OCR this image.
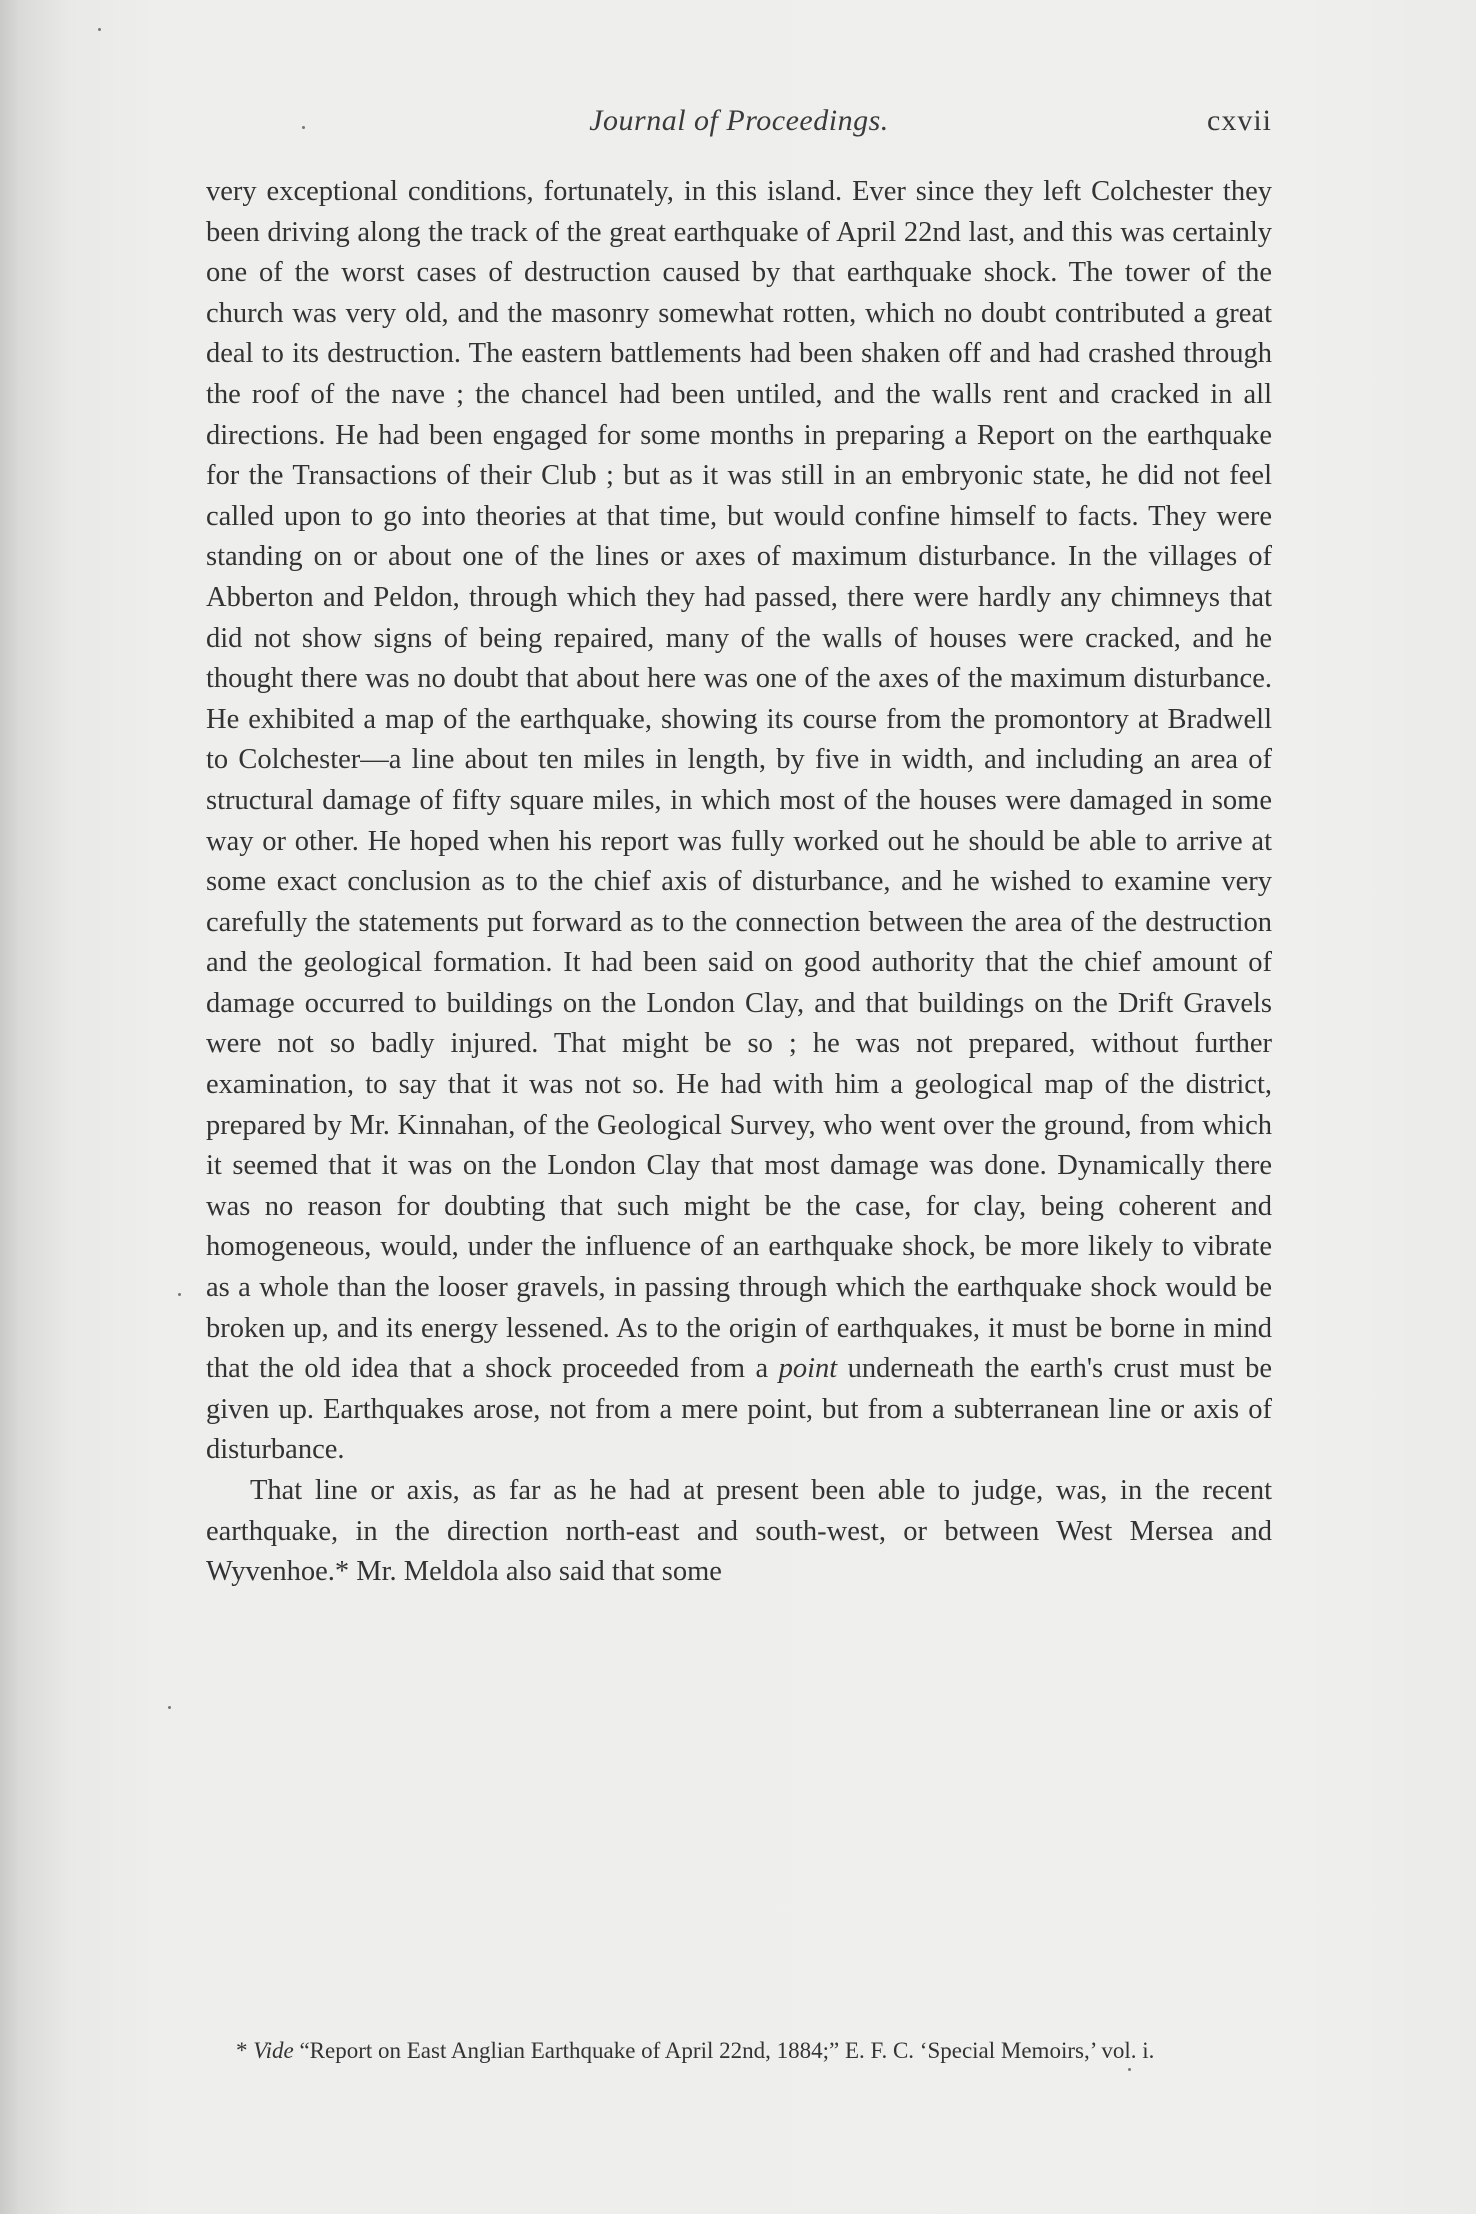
Journal of Proceedings.	cxvii

very exceptional conditions, fortunately, in this island. Ever since they left Colchester they been driving along the track of the great earthquake of April 22nd last, and this was certainly one of the worst cases of destruction caused by that earthquake shock. The tower of the church was very old, and the masonry somewhat rotten, which no doubt contributed a great deal to its destruction. The eastern battlements had been shaken off and had crashed through the roof of the nave ; the chancel had been untiled, and the walls rent and cracked in all directions. He had been engaged for some months in preparing a Report on the earthquake for the Transactions of their Club ; but as it was still in an embryonic state, he did not feel called upon to go into theories at that time, but would confine himself to facts. They were standing on or about one of the lines or axes of maximum disturbance. In the villages of Abberton and Peldon, through which they had passed, there were hardly any chimneys that did not show signs of being repaired, many of the walls of houses were cracked, and he thought there was no doubt that about here was one of the axes of the maximum disturbance. He exhibited a map of the earthquake, showing its course from the promontory at Bradwell to Colchester—a line about ten miles in length, by five in width, and including an area of structural damage of fifty square miles, in which most of the houses were damaged in some way or other. He hoped when his report was fully worked out he should be able to arrive at some exact conclusion as to the chief axis of disturbance, and he wished to examine very carefully the statements put forward as to the connection between the area of the destruction and the geological formation. It had been said on good authority that the chief amount of damage occurred to buildings on the London Clay, and that buildings on the Drift Gravels were not so badly injured. That might be so ; he was not prepared, without further examination, to say that it was not so. He had with him a geological map of the district, prepared by Mr. Kinnahan, of the Geological Survey, who went over the ground, from which it seemed that it was on the London Clay that most damage was done. Dynamically there was no reason for doubting that such might be the case, for clay, being coherent and homogeneous, would, under the influence of an earthquake shock, be more likely to vibrate as a whole than the looser gravels, in passing through which the earthquake shock would be broken up, and its energy lessened. As to the origin of earthquakes, it must be borne in mind that the old idea that a shock proceeded from a point underneath the earth's crust must be given up. Earthquakes arose, not from a mere point, but from a subterranean line or axis of disturbance.

That line or axis, as far as he had at present been able to judge, was, in the recent earthquake, in the direction north-east and south-west, or between West Mersea and Wyvenhoe.* Mr. Meldola also said that some

* Vide “Report on East Anglian Earthquake of April 22nd, 1884;” E. F. C. ‘Special Memoirs,’ vol. i.
